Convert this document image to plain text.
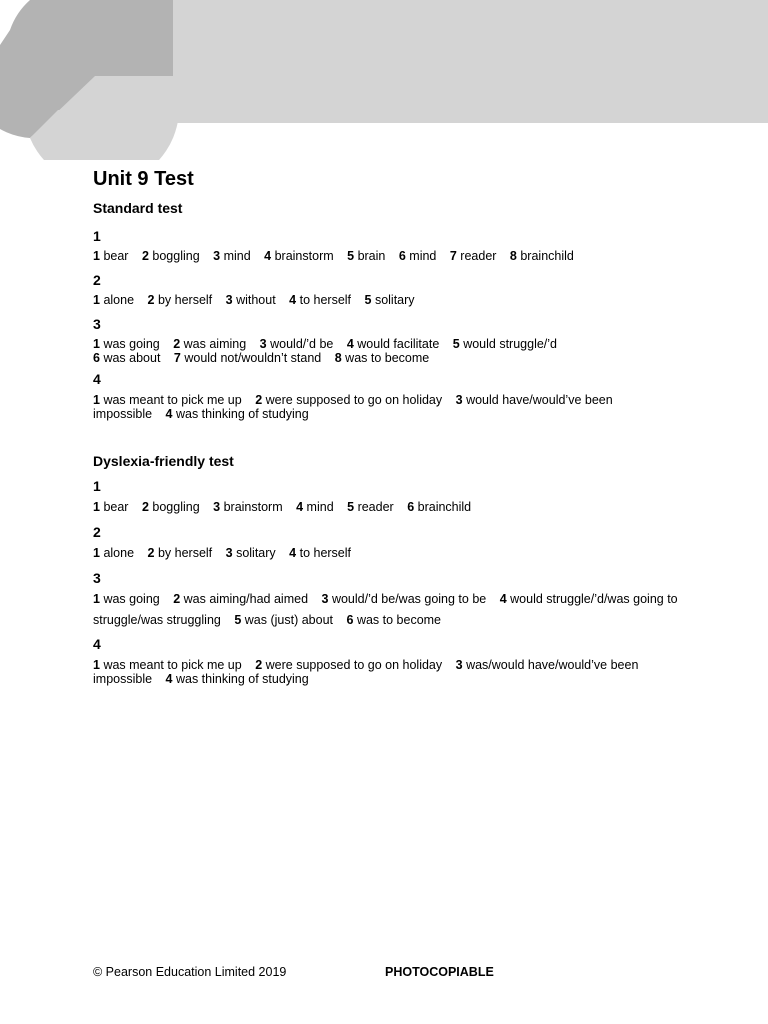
Unit 9 Test
Standard test
1
1 bear 2 boggling 3 mind 4 brainstorm 5 brain 6 mind 7 reader 8 brainchild
2
1 alone 2 by herself 3 without 4 to herself 5 solitary
3
1 was going 2 was aiming 3 would/’d be 4 would facilitate 5 would struggle/’d
6 was about 7 would not/wouldn’t stand 8 was to become
4
1 was meant to pick me up 2 were supposed to go on holiday 3 would have/would’ve been impossible 4 was thinking of studying
Dyslexia-friendly test
1
1 bear 2 boggling 3 brainstorm 4 mind 5 reader 6 brainchild
2
1 alone 2 by herself 3 solitary 4 to herself
3
1 was going 2 was aiming/had aimed 3 would/’d be/was going to be 4 would struggle/’d/was going to struggle/was struggling 5 was (just) about 6 was to become
4
1 was meant to pick me up 2 were supposed to go on holiday 3 was/would have/would’ve been impossible 4 was thinking of studying
© Pearson Education Limited 2019	PHOTOCOPIABLE
